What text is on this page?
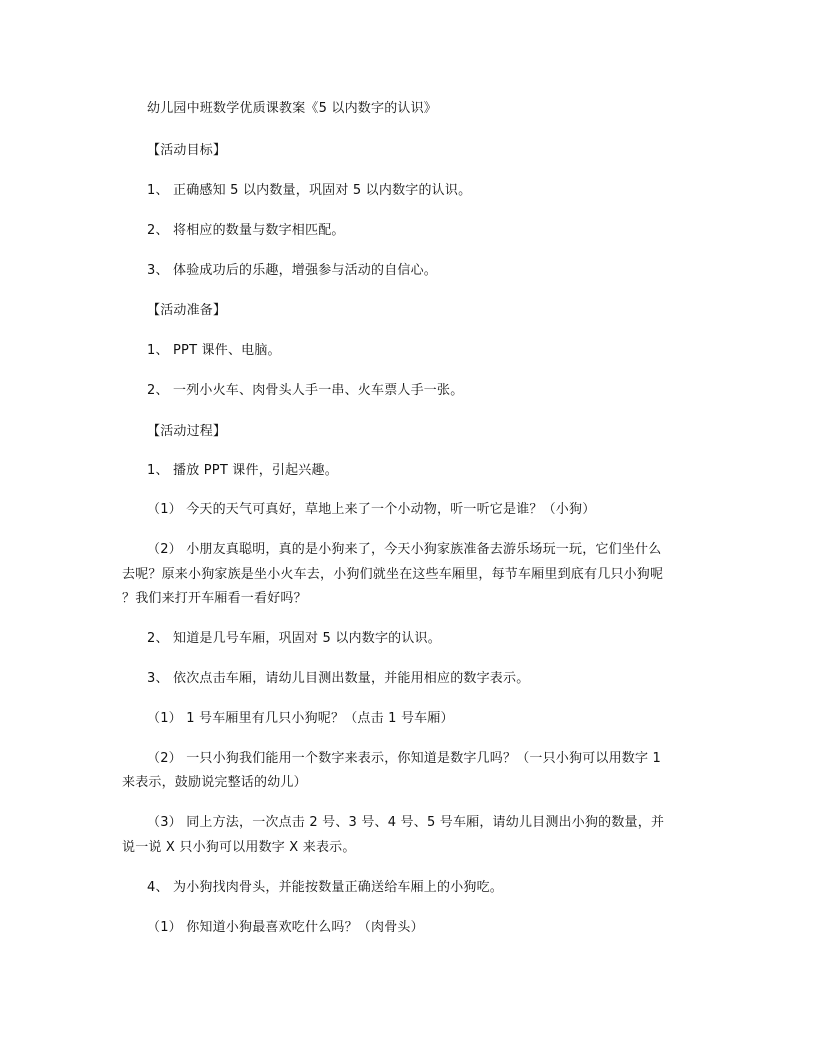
幼儿园中班数学优质课教案《5 以内数字的认识》
【活动目标】
1、 正确感知 5 以内数量，巩固对 5 以内数字的认识。
2、 将相应的数量与数字相匹配。
3、 体验成功后的乐趣，增强参与活动的自信心。
【活动准备】
1、 PPT 课件、电脑。
2、 一列小火车、肉骨头人手一串、火车票人手一张。
【活动过程】
1、 播放 PPT 课件，引起兴趣。
（1） 今天的天气可真好，草地上来了一个小动物，听一听它是谁？（小狗）
（2） 小朋友真聪明，真的是小狗来了，今天小狗家族准备去游乐场玩一玩，它们坐什么
去呢？原来小狗家族是坐小火车去，小狗们就坐在这些车厢里，每节车厢里到底有几只小狗呢
？我们来打开车厢看一看好吗？
2、 知道是几号车厢，巩固对 5 以内数字的认识。
3、 依次点击车厢，请幼儿目测出数量，并能用相应的数字表示。
（1） 1 号车厢里有几只小狗呢？（点击 1 号车厢）
（2） 一只小狗我们能用一个数字来表示，你知道是数字几吗？（一只小狗可以用数字 1
来表示，鼓励说完整话的幼儿）
（3） 同上方法，一次点击 2 号、3 号、4 号、5 号车厢，请幼儿目测出小狗的数量，并
说一说 X 只小狗可以用数字 X 来表示。
4、 为小狗找肉骨头，并能按数量正确送给车厢上的小狗吃。
（1） 你知道小狗最喜欢吃什么吗？（肉骨头）
